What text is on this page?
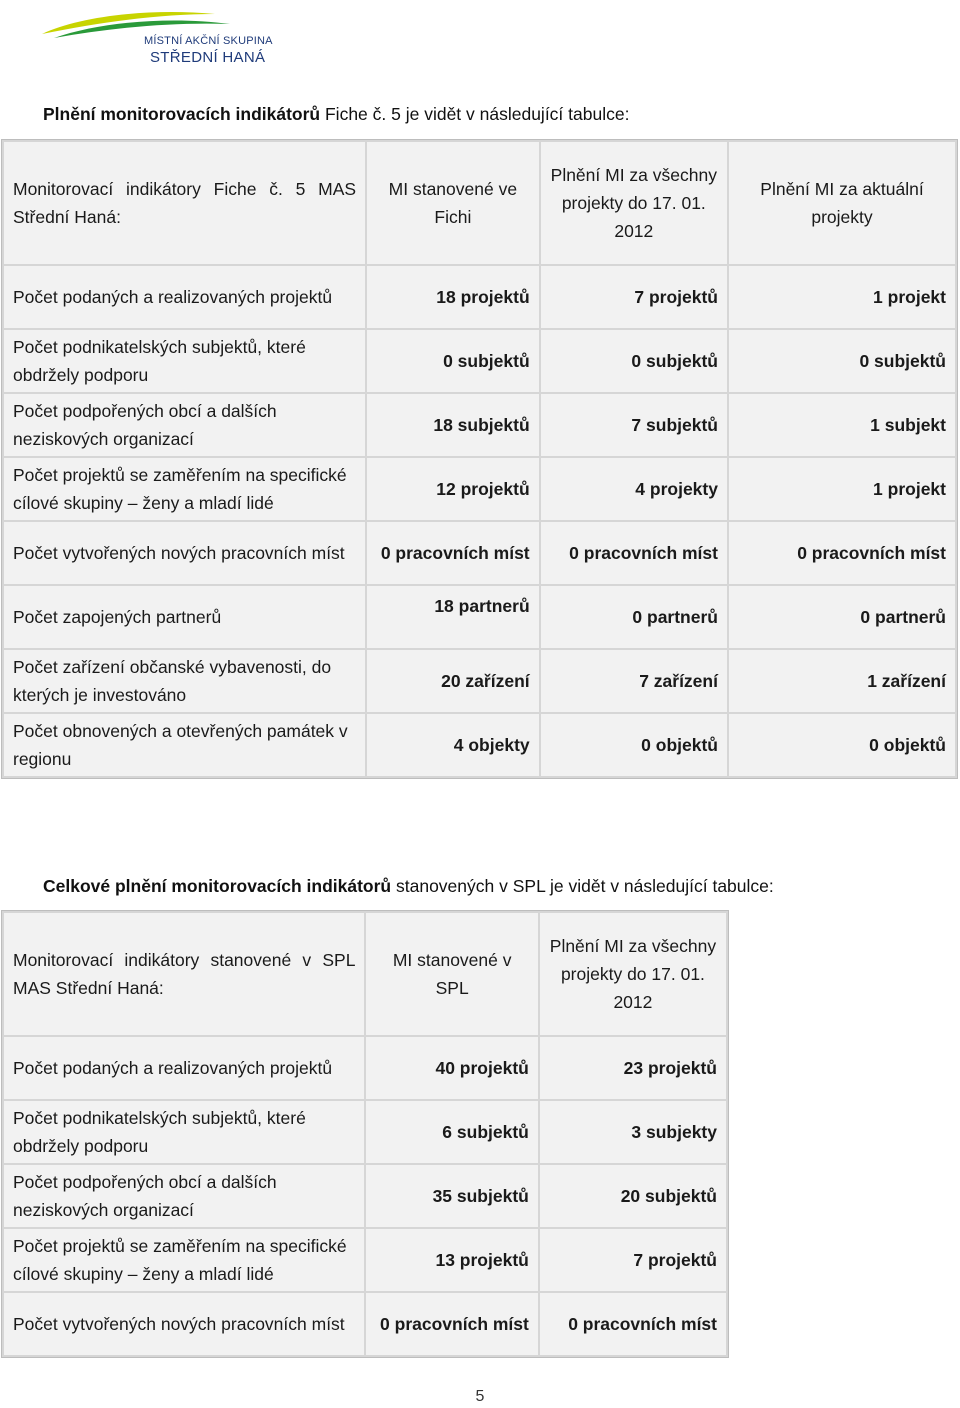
MÍSTNÍ AKČNÍ SKUPINA
STŘEDNÍ HANÁ
Plnění monitorovacích indikátorů Fiche č. 5 je vidět v následující tabulce:
Monitorovací indikátory Fiche č. 5 MAS Střední Haná:	MI stanovené ve Fichi	Plnění MI za všechny projekty do 17. 01. 2012	Plnění MI za aktuální projekty
Počet podaných a realizovaných projektů	18 projektů	7 projektů	1 projekt
Počet podnikatelských subjektů, které obdržely podporu	0 subjektů	0 subjektů	0 subjektů
Počet podpořených obcí a dalších neziskových organizací	18 subjektů	7 subjektů	1 subjekt
Počet projektů se zaměřením na specifické cílové skupiny – ženy a mladí lidé	12 projektů	4 projekty	1 projekt
Počet vytvořených nových pracovních míst	0 pracovních míst	0 pracovních míst	0 pracovních míst
Počet zapojených partnerů	18 partnerů	0 partnerů	0 partnerů
Počet zařízení občanské vybavenosti, do kterých je investováno	20 zařízení	7 zařízení	1 zařízení
Počet obnovených a otevřených památek v regionu	4 objekty	0 objektů	0 objektů
Celkové plnění monitorovacích indikátorů stanovených v SPL je vidět v následující tabulce:
Monitorovací indikátory stanovené v SPL MAS Střední Haná:	MI stanovené v SPL	Plnění MI za všechny projekty do 17. 01. 2012
Počet podaných a realizovaných projektů	40 projektů	23 projektů
Počet podnikatelských subjektů, které obdržely podporu	6 subjektů	3 subjekty
Počet podpořených obcí a dalších neziskových organizací	35 subjektů	20 subjektů
Počet projektů se zaměřením na specifické cílové skupiny – ženy a mladí lidé	13 projektů	7 projektů
Počet vytvořených nových pracovních míst	0 pracovních míst	0 pracovních míst
5
